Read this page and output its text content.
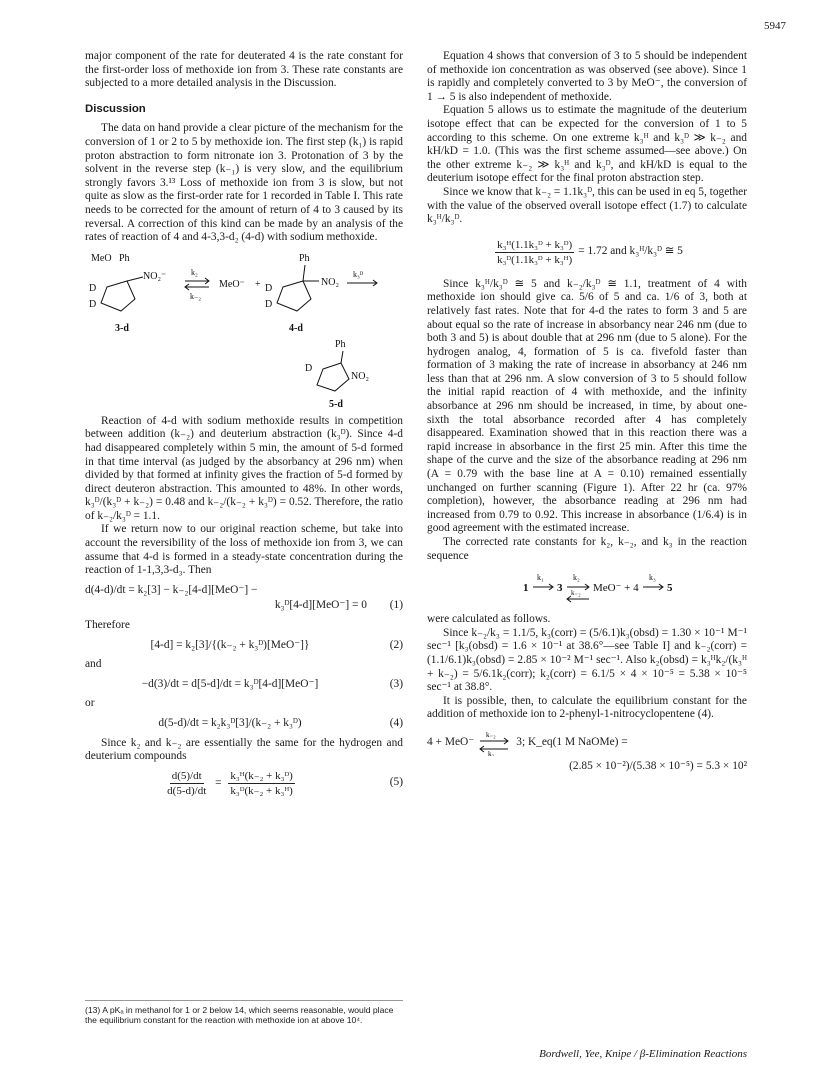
5947

major component of the rate for deuterated 4 is the rate constant for the first-order loss of methoxide ion from 3. These rate constants are subjected to a more detailed analysis in the Discussion.

Discussion

The data on hand provide a clear picture of the mechanism for the conversion of 1 or 2 to 5 by methoxide ion. The first step (k₁) is rapid proton abstraction to form nitronate ion 3. Protonation of 3 by the solvent in the reverse step (k₋₁) is very slow, and the equilibrium strongly favors 3.¹³ Loss of methoxide ion from 3 is slow, but not quite as slow as the first-order rate for 1 recorded in Table I. This rate needs to be corrected for the amount of return of 4 to 3 caused by its reversal. A correction of this kind can be made by an analysis of the rates of reaction of 4 and 4-3,3-d₂ (4-d) with sodium methoxide.

MeO Ph
D
NO₂⁻
D
k₂
k₋₂
MeO⁻ +
Ph
D
NO₂
D
k₃ᴰ
3-d	4-d
Ph
D
NO₂
5-d

Reaction of 4-d with sodium methoxide results in competition between addition (k₋₂) and deuterium abstraction (k₃ᴰ). Since 4-d had disappeared completely within 5 min, the amount of 5-d formed in that time interval (as judged by the absorbancy at 296 nm) when divided by that formed at infinity gives the fraction of 5-d formed by direct deuteron abstraction. This amounted to 48%. In other words, k₃ᴰ/(k₃ᴰ + k₋₂) = 0.48 and k₋₂/(k₋₂ + k₃ᴰ) = 0.52. Therefore, the ratio of k₋₂/k₃ᴰ = 1.1.

If we return now to our original reaction scheme, but take into account the reversibility of the loss of methoxide ion from 3, we can assume that 4-d is formed in a steady-state concentration during the reaction of 1-1,3,3-d₃. Then

d(4-d)/dt = k₂[3] − k₋₂[4-d][MeO⁻] −
k₃ᴰ[4-d][MeO⁻] = 0	(1)
Therefore
[4-d] = k₂[3]/{(k₋₂ + k₃ᴰ)[MeO⁻]}	(2)
and
−d(3)/dt = d[5-d]/dt = k₃ᴰ[4-d][MeO⁻]	(3)
or
d(5-d)/dt = k₂k₃ᴰ[3]/(k₋₂ + k₃ᴰ)	(4)

Since k₂ and k₋₂ are essentially the same for the hydrogen and deuterium compounds

$\frac{d(5)/dt}{d(5-d)/dt} = \frac{\text{k₃ᴴ(k₋₂ + k₃ᴰ)}}{\text{k₃ᴰ(k₋₂ + k₃ᴴ)}}$	(5)
(13) A pKₐ in methanol for 1 or 2 below 14, which seems reasonable, would place the equilibrium constant for the reaction with methoxide ion at above 10⁴.

Equation 4 shows that conversion of 3 to 5 should be independent of methoxide ion concentration as was observed (see above). Since 1 is rapidly and completely converted to 3 by MeO⁻, the conversion of 1 → 5 is also independent of methoxide.

Equation 5 allows us to estimate the magnitude of the deuterium isotope effect that can be expected for the conversion of 1 to 5 according to this scheme. On one extreme k₃ᴴ and k₃ᴰ ≫ k₋₂ and kH/kD = 1.0. (This was the first scheme assumed—see above.) On the other extreme k₋₂ ≫ k₃ᴴ and k₃ᴰ, and kH/kD is equal to the deuterium isotope effect for the final proton abstraction step.

Since we know that k₋₂ = 1.1k₃ᴰ, this can be used in eq 5, together with the value of the observed overall isotope effect (1.7) to calculate k₃ᴴ/k₃ᴰ.

$\frac{\text{k₃ᴴ(1.1k₃ᴰ + k₃ᴰ)}}{\text{k₃ᴰ(1.1k₃ᴰ + k₃ᴴ)}} = 1.72$ and k₃ᴴ/k₃ᴰ ≅ 5

Since k₃ᴴ/k₃ᴰ ≅ 5 and k₋₂/k₃ᴰ ≅ 1.1, treatment of 4 with methoxide ion should give ca. 5/6 of 5 and ca. 1/6 of 3, both at relatively fast rates. Note that for 4-d the rates to form 3 and 5 are about equal so the rate of increase in absorbancy near 246 nm (due to both 3 and 5) is about double that at 296 nm (due to 5 alone). For the hydrogen analog, 4, formation of 5 is ca. fivefold faster than formation of 3 making the rate of increase in absorbancy at 246 nm less than that at 296 nm. A slow conversion of 3 to 5 should follow the initial rapid reaction of 4 with methoxide, and the infinity absorbance at 296 nm should be increased, in time, by about one-sixth the total absorbance recorded after 4 has completely disappeared. Examination showed that in this reaction there was a rapid increase in absorbance in the first 25 min. After this time the shape of the curve and the size of the absorbance reading at 296 nm (A = 0.79 with the base line at A = 0.10) remained essentially unchanged on further scanning (Figure 1). After 22 hr (ca. 97% completion), however, the absorbance reading at 296 nm had increased from 0.79 to 0.92. This increase in absorbance (1/6.4) is in good agreement with the estimated increase.

The corrected rate constants for k₂, k₋₂, and k₃ in the reaction sequence

1
k₁
3
k₂
k₋₂ MeO⁻ + 4
k₃
5

were calculated as follows.

Since k₋₂/k₃ = 1.1/5, k₃(corr) = (5/6.1)k₃(obsd) = 1.30 × 10⁻¹ M⁻¹ sec⁻¹ [k₃(obsd) = 1.6 × 10⁻¹ at 38.6°—see Table I] and k₋₂(corr) = (1.1/6.1)k₃(obsd) = 2.85 × 10⁻² M⁻¹ sec⁻¹. Also k₂(obsd) = k₃ᴴk₂/(k₃ᴴ + k₋₂) = 5/6.1k₂(corr); k₂(corr) = 6.1/5 × 4 × 10⁻⁵ = 5.38 × 10⁻⁵ sec⁻¹ at 38.8°.

It is possible, then, to calculate the equilibrium constant for the addition of methoxide ion to 2-phenyl-1-nitrocyclopentene (4).

4 + MeO⁻
k₋₂
k₂
3; K_eq(1 M NaOMe) =
(2.85 × 10⁻²)/(5.38 × 10⁻⁵) = 5.3 × 10²
Bordwell, Yee, Knipe / β-Elimination Reactions
